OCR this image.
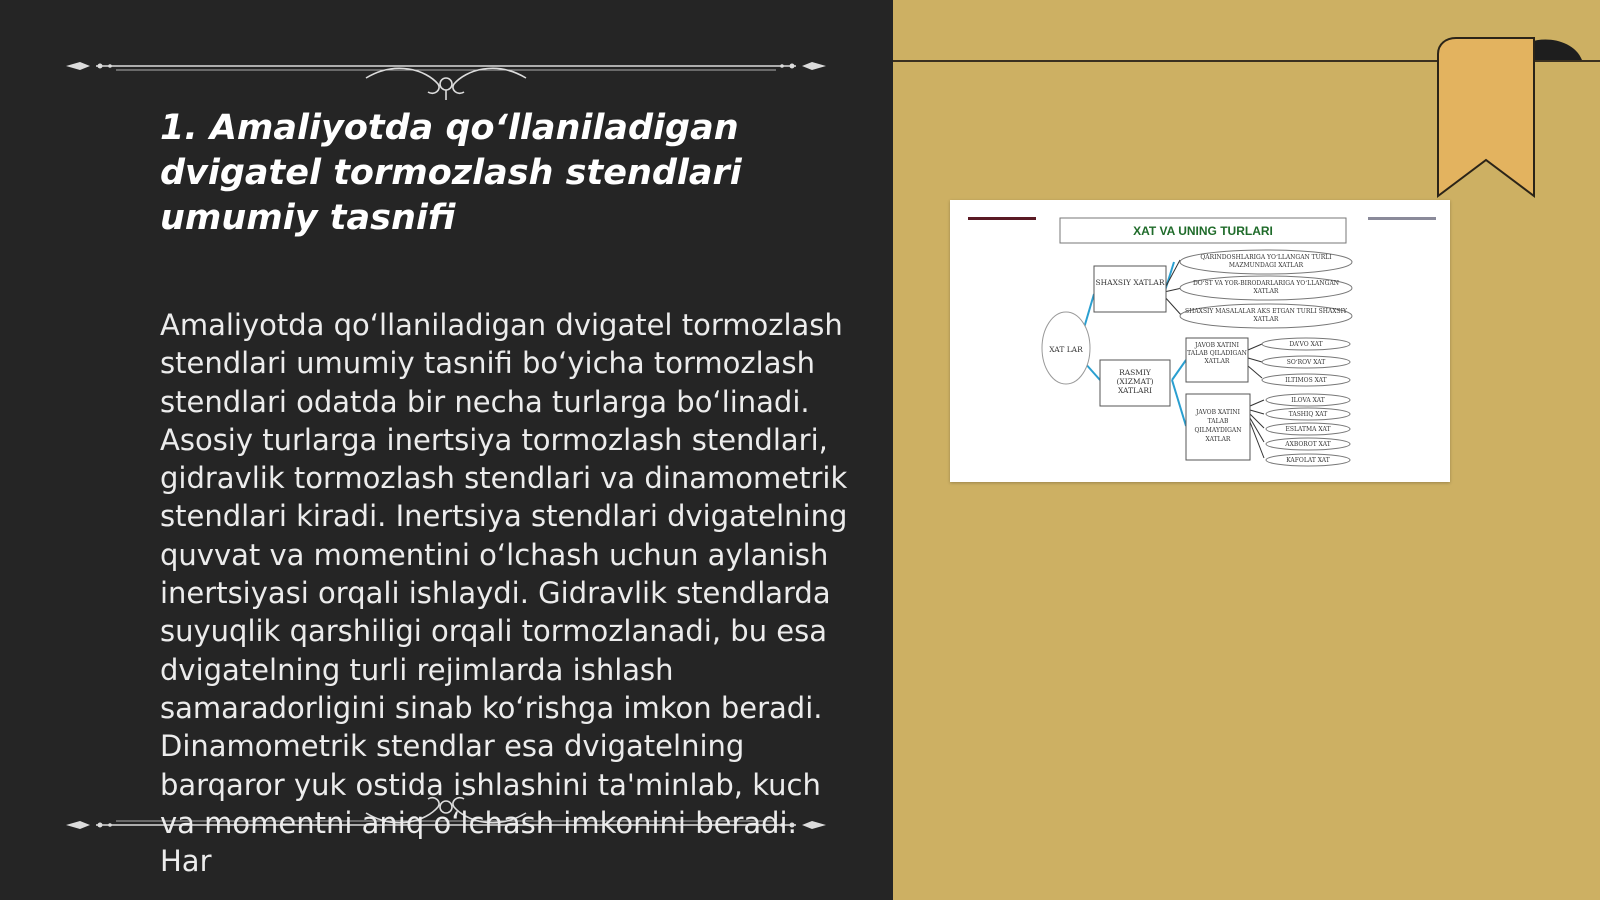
1. Amaliyotda qo‘llaniladigan dvigatel tormozlash stendlari umumiy tasnifi

Amaliyotda qo‘llaniladigan dvigatel tormozlash stendlari umumiy tasnifi bo‘yicha tormozlash stendlari odatda bir necha turlarga bo‘linadi. Asosiy turlarga inertsiya tormozlash stendlari, gidravlik tormozlash stendlari va dinamometrik stendlari kiradi. Inertsiya stendlari dvigatelning quvvat va momentini o‘lchash uchun aylanish inertsiyasi orqali ishlaydi. Gidravlik stendlarda suyuqlik qarshiligi orqali tormozlanadi, bu esa dvigatelning turli rejimlarda ishlash samaradorligini sinab ko‘rishga imkon beradi. Dinamometrik stendlar esa dvigatelning barqaror yuk ostida ishlashini ta'minlab, kuch va momentni aniq o‘lchash imkonini beradi. Har

XAT VA UNING TURLARI
XAT LAR
SHAXSIY XATLAR
RASMIY (XIZMAT) XATLARI
QARINDOSHLARIGA YO‘LLANGAN TURLI MAZMUNDAGI XATLAR
DO‘ST VA YOR-BIRODARLARIGA YO‘LLANGAN XATLAR
SHAXSIY MASALALAR AKS ETGAN TURLI SHAXSIY XATLAR
JAVOB XATINI TALAB QILADIGAN XATLAR
JAVOB XATINI TALAB QILMAYDIGAN XATLAR
DA’VO XAT
SO‘ROV XAT
ILTIMOS XAT
ILOVA XAT
TASHIQ XAT
ESLATMA XAT
AXBOROT XAT
KAFOLAT XAT
